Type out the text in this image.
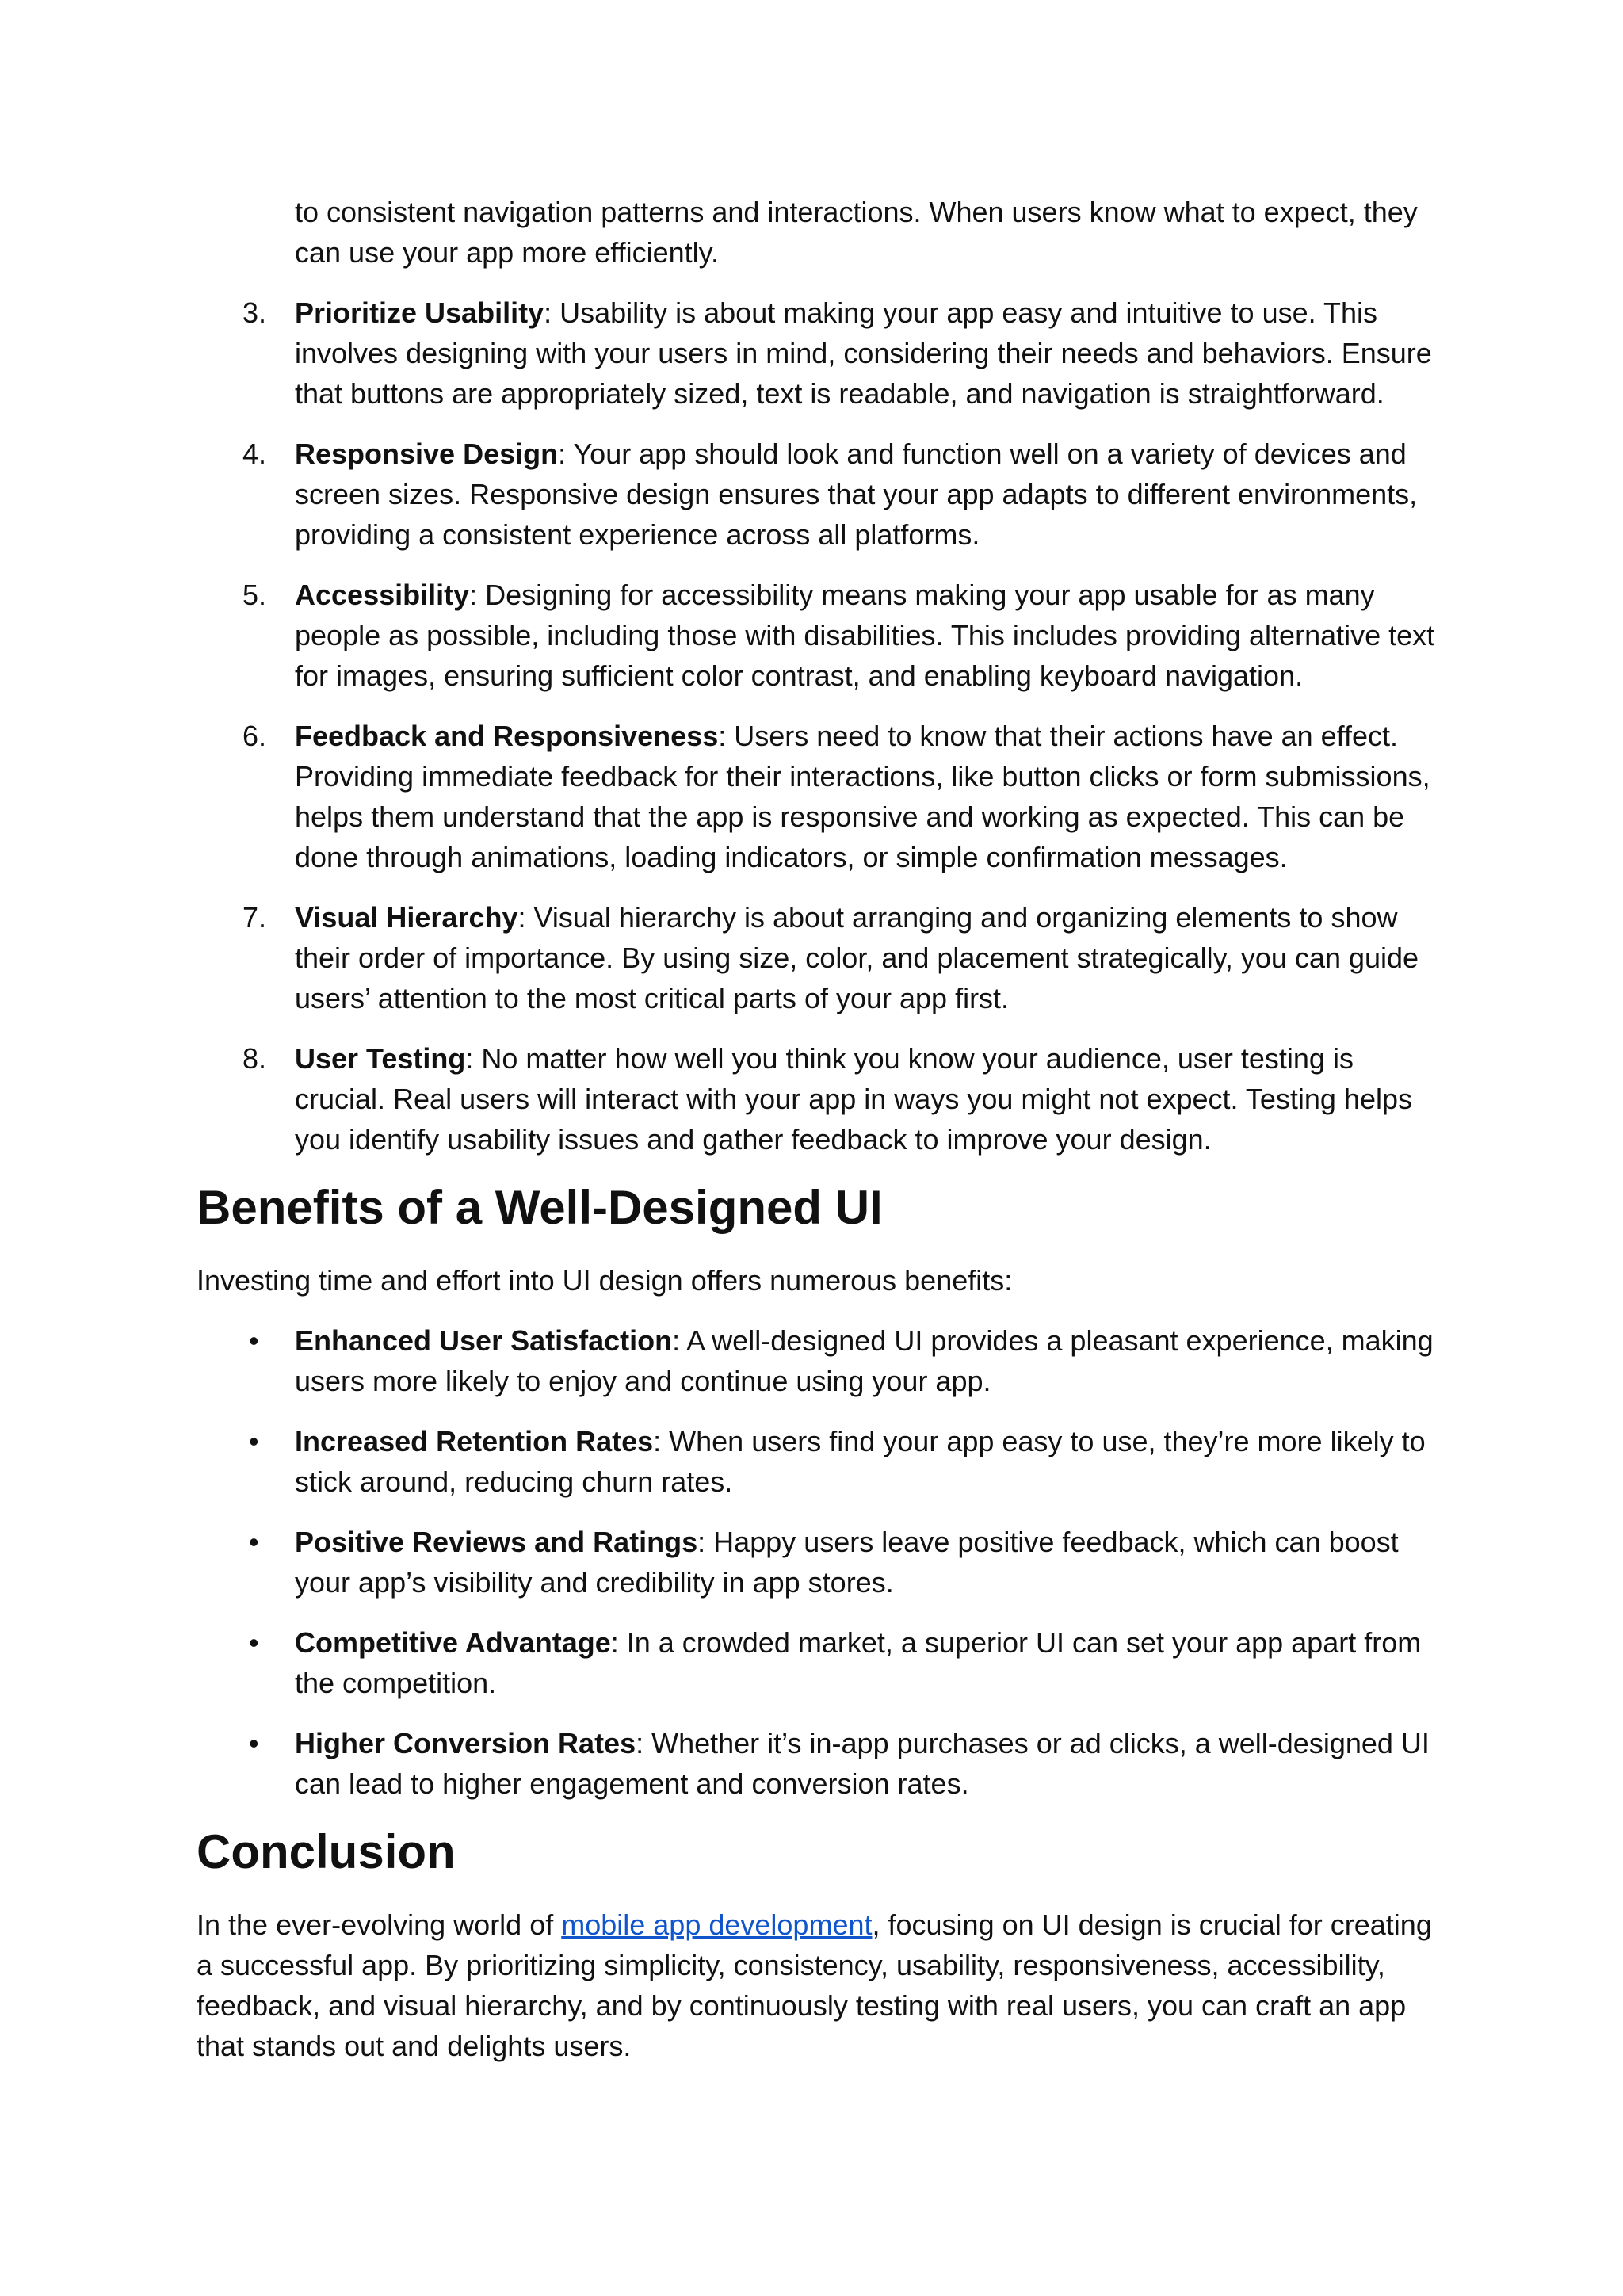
to consistent navigation patterns and interactions. When users know what to expect, they can use your app more efficiently.

3. Prioritize Usability: Usability is about making your app easy and intuitive to use. This involves designing with your users in mind, considering their needs and behaviors. Ensure that buttons are appropriately sized, text is readable, and navigation is straightforward.
4. Responsive Design: Your app should look and function well on a variety of devices and screen sizes. Responsive design ensures that your app adapts to different environments, providing a consistent experience across all platforms.
5. Accessibility: Designing for accessibility means making your app usable for as many people as possible, including those with disabilities. This includes providing alternative text for images, ensuring sufficient color contrast, and enabling keyboard navigation.
6. Feedback and Responsiveness: Users need to know that their actions have an effect. Providing immediate feedback for their interactions, like button clicks or form submissions, helps them understand that the app is responsive and working as expected. This can be done through animations, loading indicators, or simple confirmation messages.
7. Visual Hierarchy: Visual hierarchy is about arranging and organizing elements to show their order of importance. By using size, color, and placement strategically, you can guide users’ attention to the most critical parts of your app first.
8. User Testing: No matter how well you think you know your audience, user testing is crucial. Real users will interact with your app in ways you might not expect. Testing helps you identify usability issues and gather feedback to improve your design.
Benefits of a Well-Designed UI

Investing time and effort into UI design offers numerous benefits:

• Enhanced User Satisfaction: A well-designed UI provides a pleasant experience, making users more likely to enjoy and continue using your app.
• Increased Retention Rates: When users find your app easy to use, they’re more likely to stick around, reducing churn rates.
• Positive Reviews and Ratings: Happy users leave positive feedback, which can boost your app’s visibility and credibility in app stores.
• Competitive Advantage: In a crowded market, a superior UI can set your app apart from the competition.
• Higher Conversion Rates: Whether it’s in-app purchases or ad clicks, a well-designed UI can lead to higher engagement and conversion rates.
Conclusion

In the ever-evolving world of mobile app development, focusing on UI design is crucial for creating a successful app. By prioritizing simplicity, consistency, usability, responsiveness, accessibility, feedback, and visual hierarchy, and by continuously testing with real users, you can craft an app that stands out and delights users.
